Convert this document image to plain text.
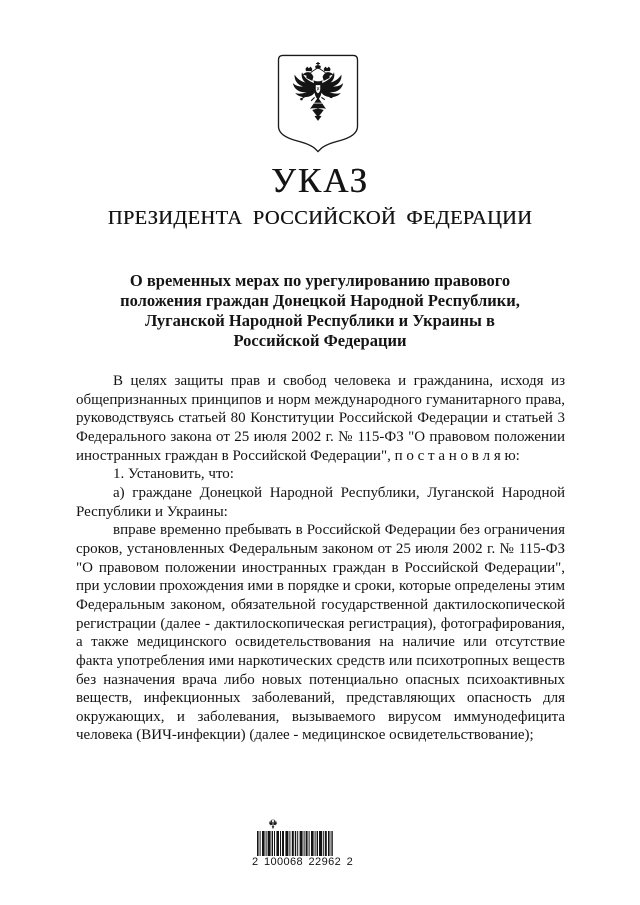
УКАЗ
ПРЕЗИДЕНТА РОССИЙСКОЙ ФЕДЕРАЦИИ
О временных мерах по урегулированию правового положения граждан Донецкой Народной Республики, Луганской Народной Республики и Украины в Российской Федерации

В целях защиты прав и свобод человека и гражданина, исходя из общепризнанных принципов и норм международного гуманитарного права, руководствуясь статьей 80 Конституции Российской Федерации и статьей 3 Федерального закона от 25 июля 2002 г. № 115-ФЗ "О правовом положении иностранных граждан в Российской Федерации", п о с т а н о в л я ю:

1. Установить, что:

а) граждане Донецкой Народной Республики, Луганской Народной Республики и Украины:

вправе временно пребывать в Российской Федерации без ограничения сроков, установленных Федеральным законом от 25 июля 2002 г. № 115-ФЗ "О правовом положении иностранных граждан в Российской Федерации", при условии прохождения ими в порядке и сроки, которые определены этим Федеральным законом, обязательной государственной дактилоскопической регистрации (далее - дактилоскопическая регистрация), фотографирования, а также медицинского освидетельствования на наличие или отсутствие факта употребления ими наркотических средств или психотропных веществ без назначения врача либо новых потенциально опасных психоактивных веществ, инфекционных заболеваний, представляющих опасность для окружающих, и заболевания, вызываемого вирусом иммунодефицита человека (ВИЧ-инфекции) (далее - медицинское освидетельствование);

2 100068 22962 2
